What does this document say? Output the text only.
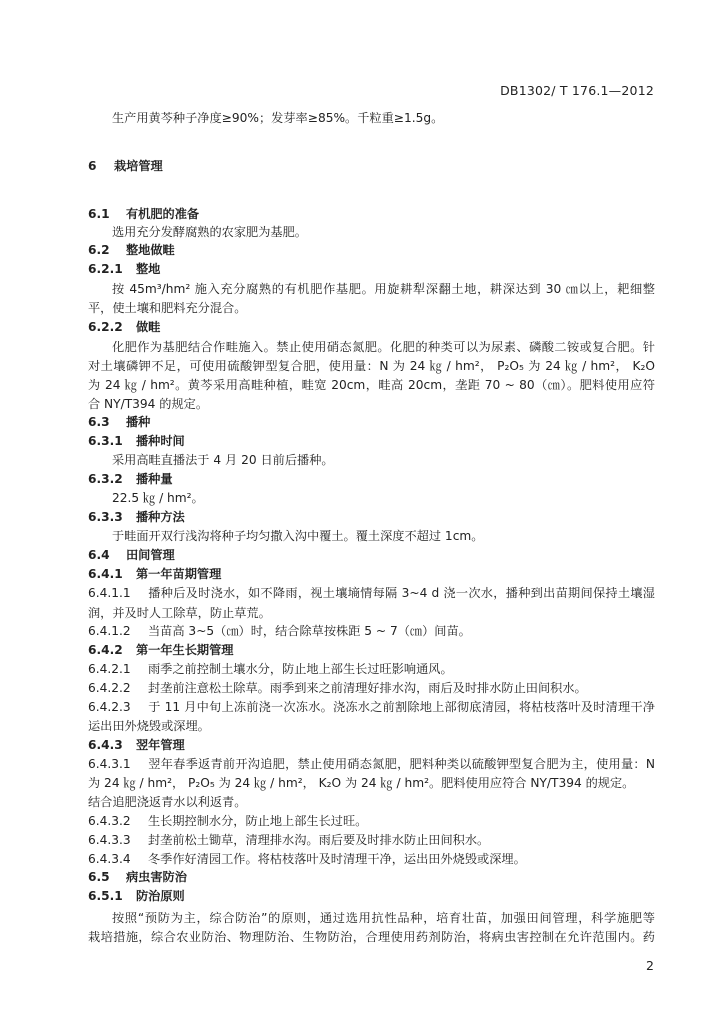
DB1302/ T 176.1—2012
生产用黄芩种子净度≥90%；发芽率≥85%。千粒重≥1.5g。
6 栽培管理
6.1 有机肥的准备
选用充分发酵腐熟的农家肥为基肥。
6.2 整地做畦
6.2.1 整地
按 45m³/hm² 施入充分腐熟的有机肥作基肥。用旋耕犁深翻土地，耕深达到 30 ㎝以上，耙细整
平，使土壤和肥料充分混合。
6.2.2 做畦
化肥作为基肥结合作畦施入。禁止使用硝态氮肥。化肥的种类可以为尿素、磷酸二铵或复合肥。针
对土壤磷钾不足，可使用硫酸钾型复合肥，使用量：N 为 24 ㎏ / hm²， P₂O₅ 为 24 ㎏ / hm²， K₂O
为 24 ㎏ / hm²。黄芩采用高畦种植，畦宽 20cm，畦高 20cm，垄距 70 ~ 80（㎝）。肥料使用应符
合 NY/T394 的规定。
6.3 播种
6.3.1 播种时间
采用高畦直播法于 4 月 20 日前后播种。
6.3.2 播种量
22.5 ㎏ / hm²。
6.3.3 播种方法
于畦面开双行浅沟将种子均匀撒入沟中覆土。覆土深度不超过 1cm。
6.4 田间管理
6.4.1 第一年苗期管理
6.4.1.1 播种后及时浇水，如不降雨，视土壤墒情每隔 3~4 d 浇一次水，播种到出苗期间保持土壤湿
润，并及时人工除草，防止草荒。
6.4.1.2 当苗高 3~5（㎝）时，结合除草按株距 5 ~ 7（㎝）间苗。
6.4.2 第一年生长期管理
6.4.2.1 雨季之前控制土壤水分，防止地上部生长过旺影响通风。
6.4.2.2 封垄前注意松土除草。雨季到来之前清理好排水沟，雨后及时排水防止田间积水。
6.4.2.3 于 11 月中旬上冻前浇一次冻水。浇冻水之前割除地上部彻底清园，将枯枝落叶及时清理干净
运出田外烧毁或深埋。
6.4.3 翌年管理
6.4.3.1 翌年春季返青前开沟追肥，禁止使用硝态氮肥，肥料种类以硫酸钾型复合肥为主，使用量：N
为 24 ㎏ / hm²， P₂O₅ 为 24 ㎏ / hm²， K₂O 为 24 ㎏ / hm²。肥料使用应符合 NY/T394 的规定。
结合追肥浇返青水以利返青。
6.4.3.2 生长期控制水分，防止地上部生长过旺。
6.4.3.3 封垄前松土锄草，清理排水沟。雨后要及时排水防止田间积水。
6.4.3.4 冬季作好清园工作。将枯枝落叶及时清理干净，运出田外烧毁或深埋。
6.5 病虫害防治
6.5.1 防治原则
按照“预防为主，综合防治”的原则，通过选用抗性品种，培育壮苗，加强田间管理，科学施肥等
栽培措施，综合农业防治、物理防治、生物防治，合理使用药剂防治，将病虫害控制在允许范围内。药
2
